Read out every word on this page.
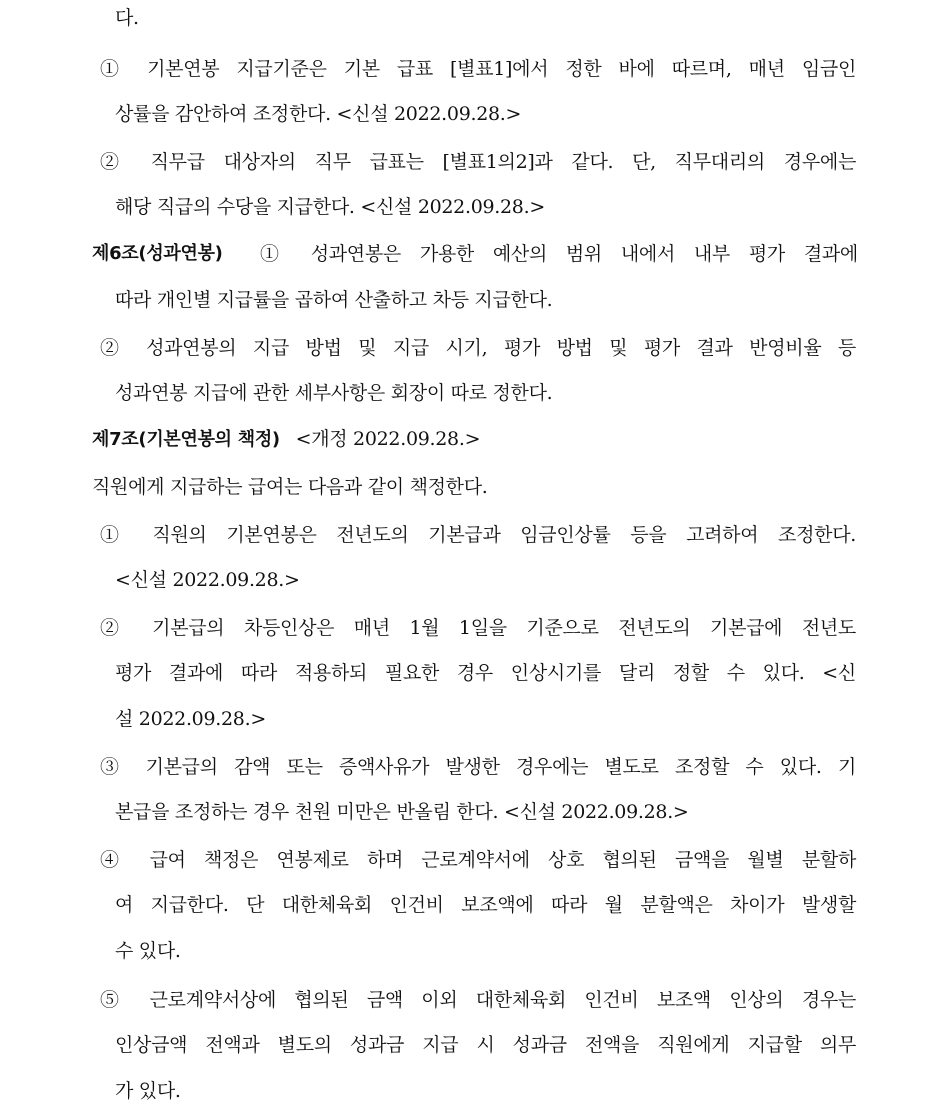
다.
① 기본연봉 지급기준은 기본 급표 [별표1]에서 정한 바에 따르며, 매년 임금인
상률을 감안하여 조정한다. <신설 2022.09.28.>
② 직무급 대상자의 직무 급표는 [별표1의2]과 같다. 단, 직무대리의 경우에는
해당 직급의 수당을 지급한다. <신설 2022.09.28.>
제6조(성과연봉) ① 성과연봉은 가용한 예산의 범위 내에서 내부 평가 결과에
따라 개인별 지급률을 곱하여 산출하고 차등 지급한다.
② 성과연봉의 지급 방법 및 지급 시기, 평가 방법 및 평가 결과 반영비율 등
성과연봉 지급에 관한 세부사항은 회장이 따로 정한다.
제7조(기본연봉의 책정) <개정 2022.09.28.>
직원에게 지급하는 급여는 다음과 같이 책정한다.
① 직원의 기본연봉은 전년도의 기본급과 임금인상률 등을 고려하여 조정한다.
<신설 2022.09.28.>
② 기본급의 차등인상은 매년 1월 1일을 기준으로 전년도의 기본급에 전년도
평가 결과에 따라 적용하되 필요한 경우 인상시기를 달리 정할 수 있다. <신
설 2022.09.28.>
③ 기본급의 감액 또는 증액사유가 발생한 경우에는 별도로 조정할 수 있다. 기
본급을 조정하는 경우 천원 미만은 반올림 한다. <신설 2022.09.28.>
④ 급여 책정은 연봉제로 하며 근로계약서에 상호 협의된 금액을 월별 분할하
여 지급한다. 단 대한체육회 인건비 보조액에 따라 월 분할액은 차이가 발생할
수 있다.
⑤ 근로계약서상에 협의된 금액 이외 대한체육회 인건비 보조액 인상의 경우는
인상금액 전액과 별도의 성과금 지급 시 성과금 전액을 직원에게 지급할 의무
가 있다.
